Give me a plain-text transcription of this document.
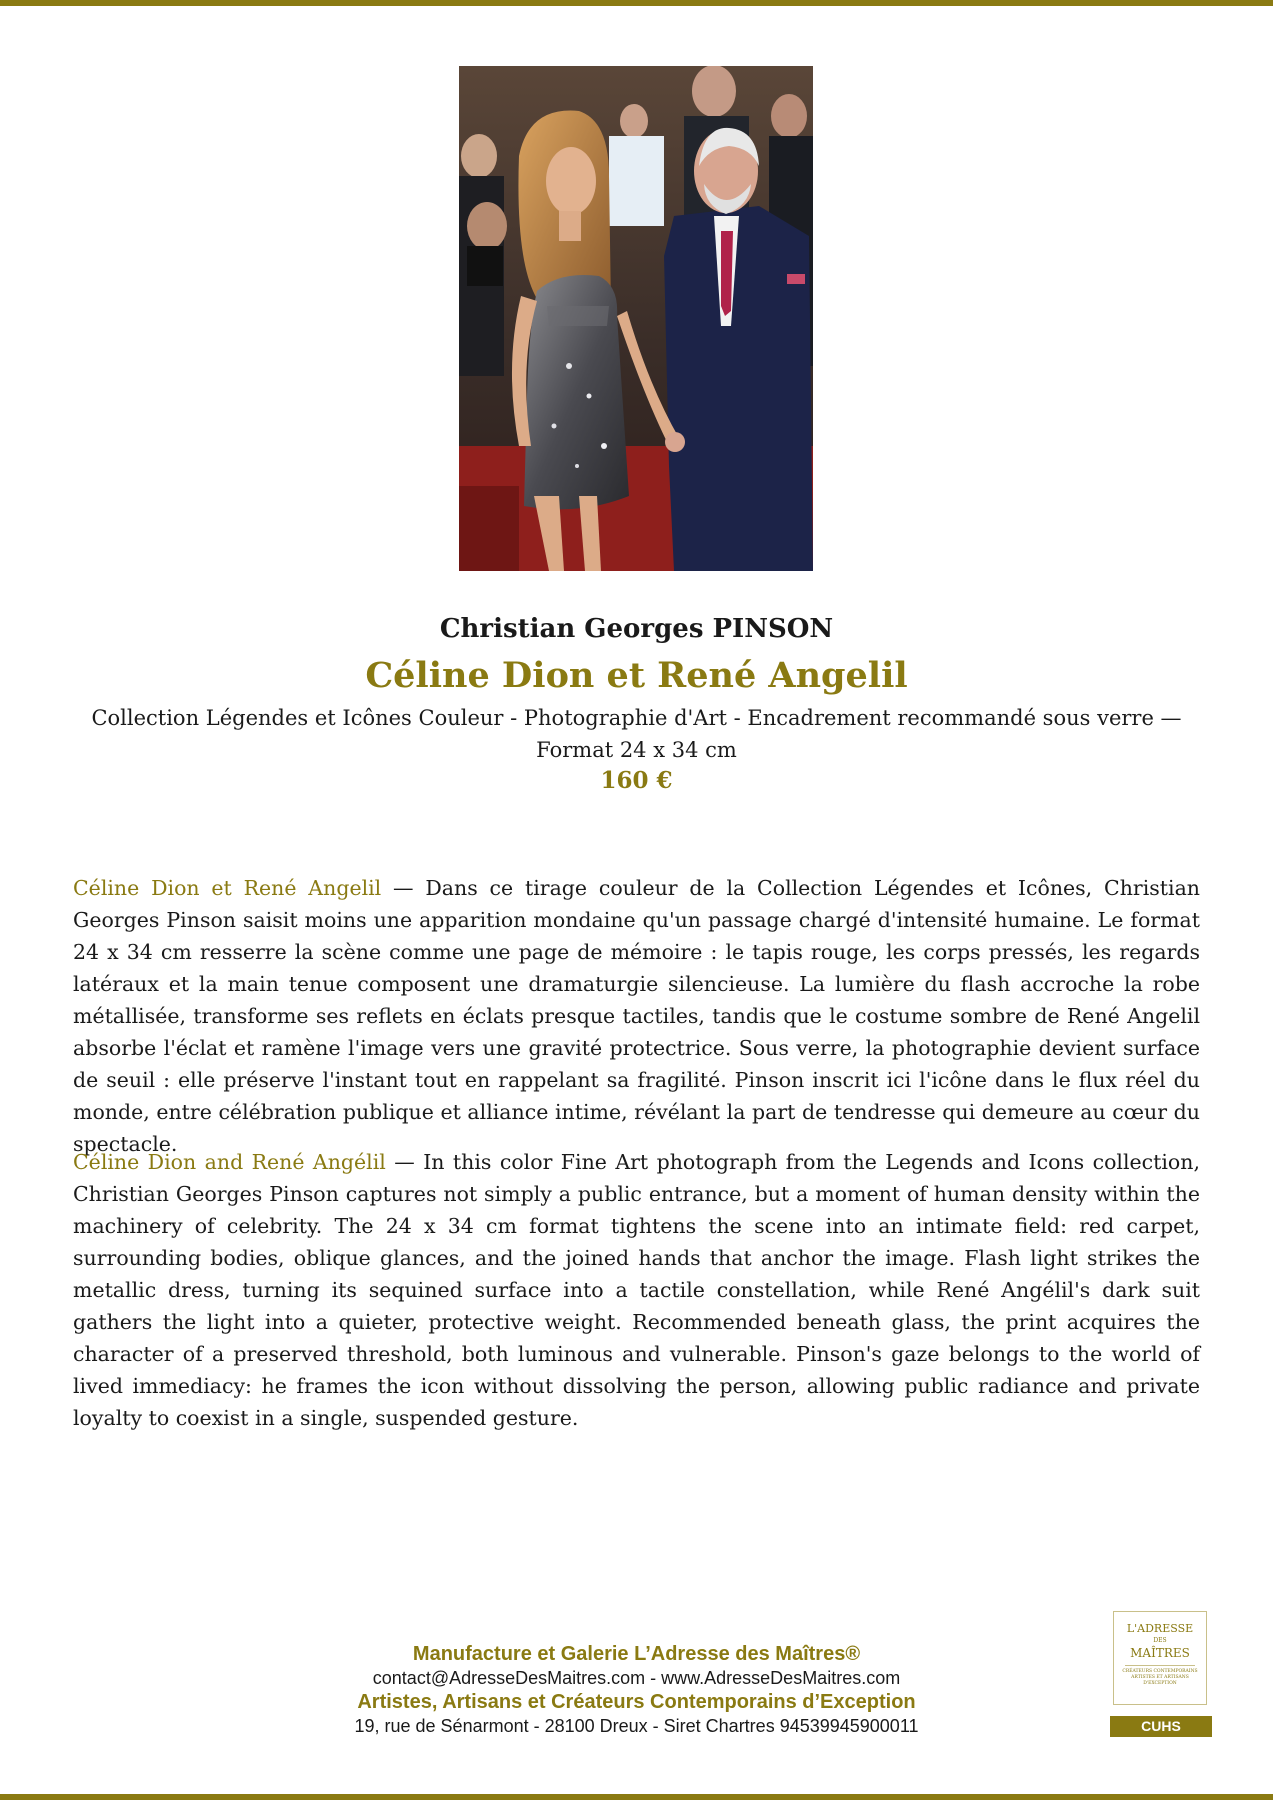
Christian Georges PINSON
Céline Dion et René Angelil
Collection Légendes et Icônes Couleur - Photographie d'Art - Encadrement recommandé sous verre — Format 24 x 34 cm
160 €
Céline Dion et René Angelil — Dans ce tirage couleur de la Collection Légendes et Icônes, Christian Georges Pinson saisit moins une apparition mondaine qu'un passage chargé d'intensité humaine. Le format 24 x 34 cm resserre la scène comme une page de mémoire : le tapis rouge, les corps pressés, les regards latéraux et la main tenue composent une dramaturgie silencieuse. La lumière du flash accroche la robe métallisée, transforme ses reflets en éclats presque tactiles, tandis que le costume sombre de René Angelil absorbe l'éclat et ramène l'image vers une gravité protectrice. Sous verre, la photographie devient surface de seuil : elle préserve l'instant tout en rappelant sa fragilité. Pinson inscrit ici l'icône dans le flux réel du monde, entre célébration publique et alliance intime, révélant la part de tendresse qui demeure au cœur du spectacle.
Céline Dion and René Angélil — In this color Fine Art photograph from the Legends and Icons collection, Christian Georges Pinson captures not simply a public entrance, but a moment of human density within the machinery of celebrity. The 24 x 34 cm format tightens the scene into an intimate field: red carpet, surrounding bodies, oblique glances, and the joined hands that anchor the image. Flash light strikes the metallic dress, turning its sequined surface into a tactile constellation, while René Angélil's dark suit gathers the light into a quieter, protective weight. Recommended beneath glass, the print acquires the character of a preserved threshold, both luminous and vulnerable. Pinson's gaze belongs to the world of lived immediacy: he frames the icon without dissolving the person, allowing public radiance and private loyalty to coexist in a single, suspended gesture.
Manufacture et Galerie L’Adresse des Maîtres®
contact@AdresseDesMaitres.com - www.AdresseDesMaitres.com
Artistes, Artisans et Créateurs Contemporains d’Exception
19, rue de Sénarmont - 28100 Dreux - Siret Chartres 94539945900011
L'ADRESSE
DES
MAÎTRES
CRÉATEURS CONTEMPORAINS
ARTISTES ET ARTISANS
D'EXCEPTION
CUHS
